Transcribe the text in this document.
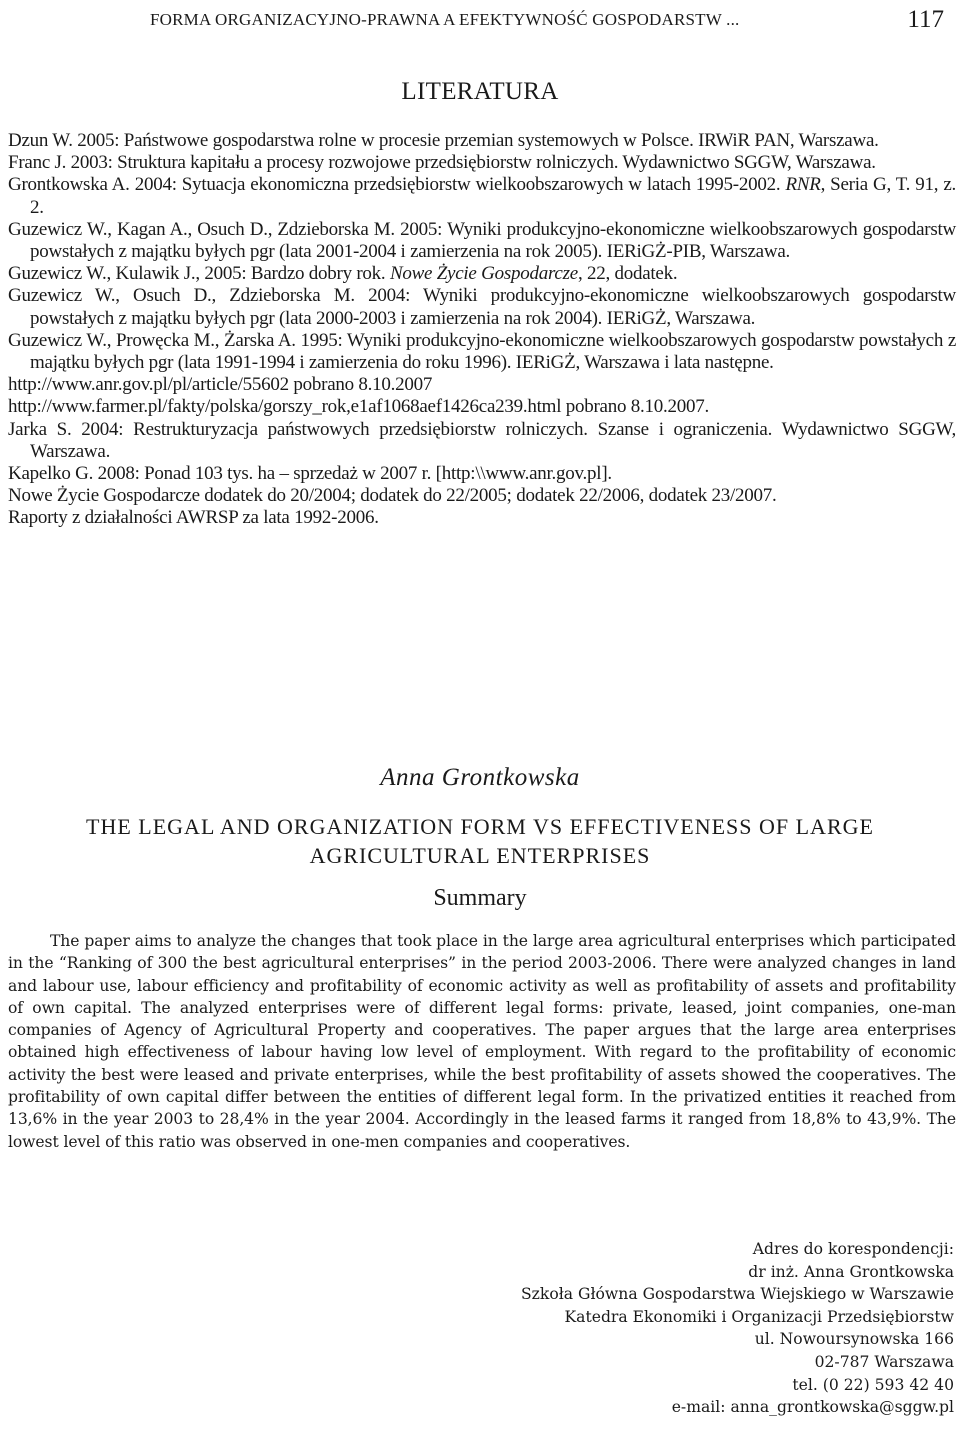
FORMA ORGANIZACYJNO-PRAWNA A EFEKTYWNOŚĆ GOSPODARSTW ...	117
LITERATURA

Dzun W. 2005: Państwowe gospodarstwa rolne w procesie przemian systemowych w Polsce. IRWiR PAN, Warszawa.

Franc J. 2003: Struktura kapitału a procesy rozwojowe przedsiębiorstw rolniczych. Wydawnictwo SGGW, Warszawa.

Grontkowska A. 2004: Sytuacja ekonomiczna przedsiębiorstw wielkoobszarowych w latach 1995-2002. RNR, Seria G, T. 91, z. 2.

Guzewicz W., Kagan A., Osuch D., Zdzieborska M. 2005: Wyniki produkcyjno-ekonomiczne wielkoobszarowych gospodarstw powstałych z majątku byłych pgr (lata 2001-2004 i zamierzenia na rok 2005). IERiGŻ-PIB, Warszawa.

Guzewicz W., Kulawik J., 2005: Bardzo dobry rok. Nowe Życie Gospodarcze, 22, dodatek.

Guzewicz W., Osuch D., Zdzieborska M. 2004: Wyniki produkcyjno-ekonomiczne wielkoobszarowych gospodarstw powstałych z majątku byłych pgr (lata 2000-2003 i zamierzenia na rok 2004). IERiGŻ, Warszawa.

Guzewicz W., Prowęcka M., Żarska A. 1995: Wyniki produkcyjno-ekonomiczne wielkoobszarowych gospodarstw powstałych z majątku byłych pgr (lata 1991-1994 i zamierzenia do roku 1996). IERiGŻ, Warszawa i lata następne.

http://www.anr.gov.pl/pl/article/55602 pobrano 8.10.2007

http://www.farmer.pl/fakty/polska/gorszy_rok,e1af1068aef1426ca239.html pobrano 8.10.2007.

Jarka S. 2004: Restrukturyzacja państwowych przedsiębiorstw rolniczych. Szanse i ograniczenia. Wydawnictwo SGGW, Warszawa.

Kapelko G. 2008: Ponad 103 tys. ha – sprzedaż w 2007 r. [http:\\www.anr.gov.pl].

Nowe Życie Gospodarcze dodatek do 20/2004; dodatek do 22/2005; dodatek 22/2006, dodatek 23/2007.

Raporty z działalności AWRSP za lata 1992-2006.

Anna Grontkowska
THE LEGAL AND ORGANIZATION FORM VS EFFECTIVENESS OF LARGE
AGRICULTURAL ENTERPRISES
Summary

The paper aims to analyze the changes that took place in the large area agricultural enterprises which participated in the “Ranking of 300 the best agricultural enterprises” in the period 2003-2006. There were analyzed changes in land and labour use, labour efficiency and profitability of economic activity as well as profitability of assets and profitability of own capital. The analyzed enterprises were of different legal forms: private, leased, joint companies, one-man companies of Agency of Agricultural Property and cooperatives. The paper argues that the large area enterprises obtained high effectiveness of labour having low level of employment. With regard to the profitability of economic activity the best were leased and private enterprises, while the best profitability of assets showed the cooperatives. The profitability of own capital differ between the entities of different legal form. In the privatized entities it reached from 13,6% in the year 2003 to 28,4% in the year 2004. Accordingly in the leased farms it ranged from 18,8% to 43,9%. The lowest level of this ratio was observed in one-men companies and cooperatives.

Adres do korespondencji:
dr inż. Anna Grontkowska
Szkoła Główna Gospodarstwa Wiejskiego w Warszawie
Katedra Ekonomiki i Organizacji Przedsiębiorstw
ul. Nowoursynowska 166
02-787 Warszawa
tel. (0 22) 593 42 40
e-mail: anna_grontkowska@sggw.pl
